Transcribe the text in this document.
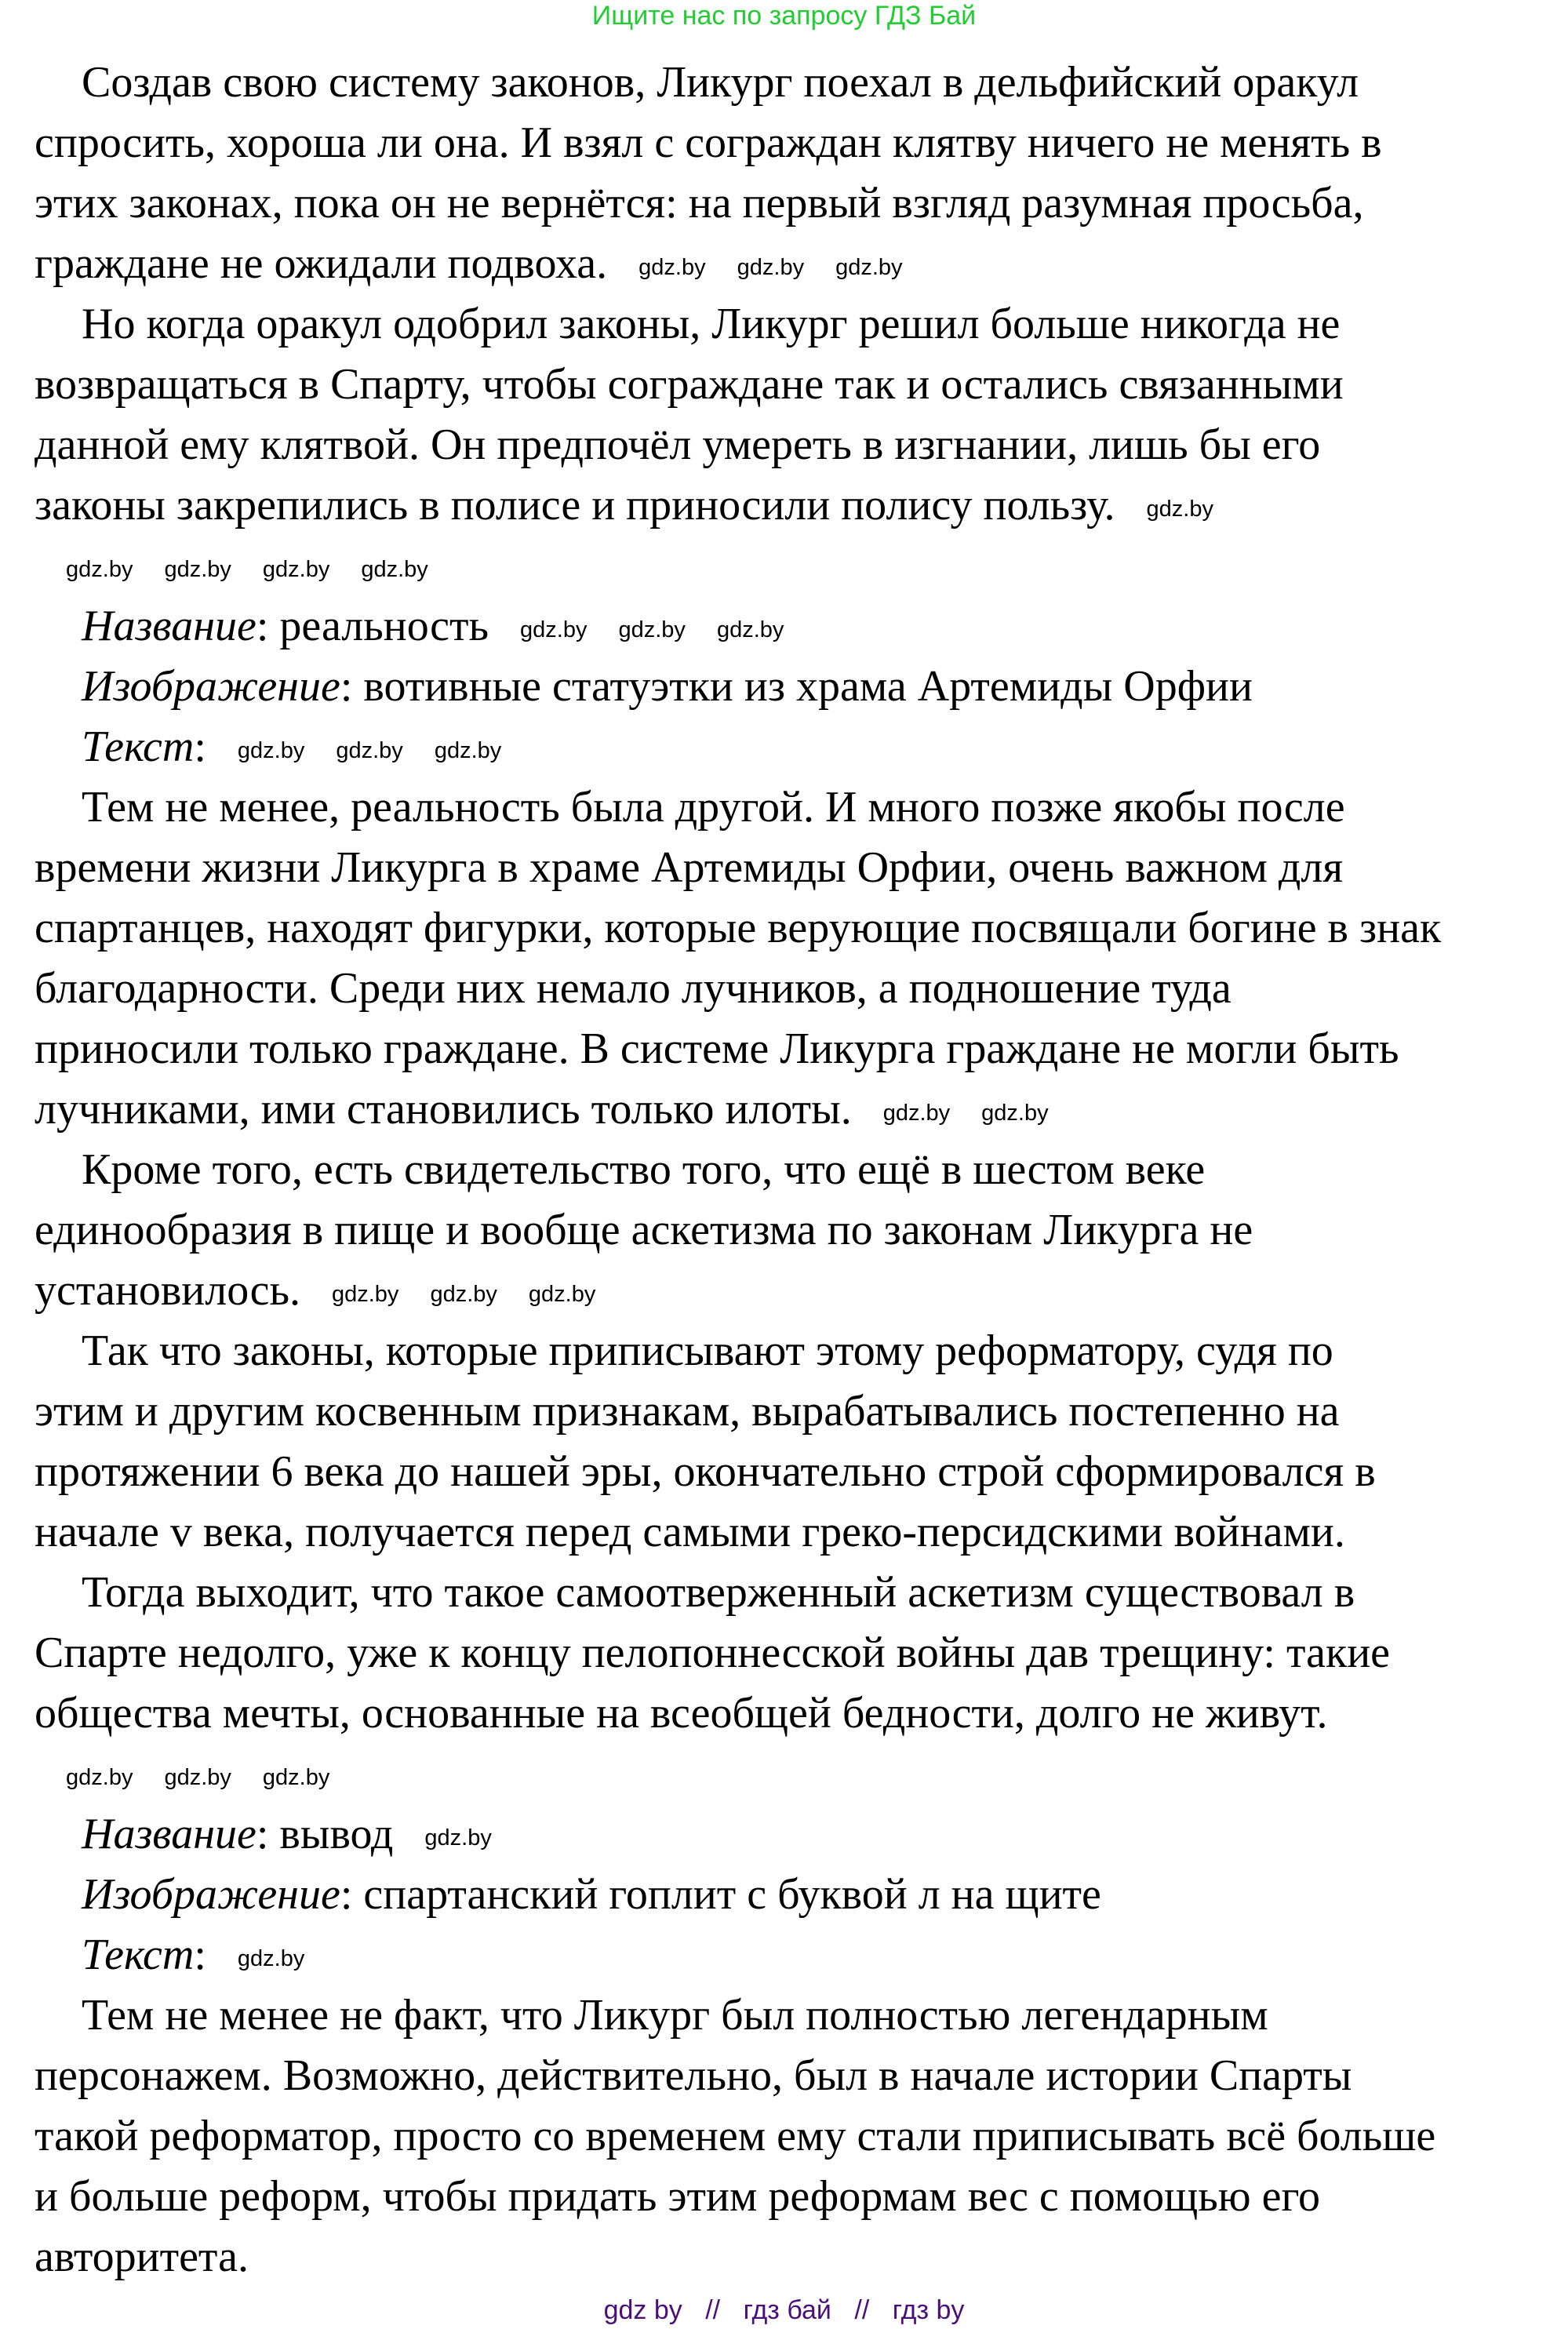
Ищите нас по запросу ГДЗ Бай
Создав свою систему законов, Ликург поехал в дельфийский оракул
спросить, хороша ли она. И взял с сограждан клятву ничего не менять в
этих законах, пока он не вернётся: на первый взгляд разумная просьба,
граждане не ожидали подвоха. gdz.by gdz.by gdz.by
Но когда оракул одобрил законы, Ликург решил больше никогда не
возвращаться в Спарту, чтобы сограждане так и остались связанными
данной ему клятвой. Он предпочёл умереть в изгнании, лишь бы его
законы закрепились в полисе и приносили полису пользу. gdz.by
gdz.by gdz.by gdz.by gdz.by
Название: реальность gdz.by gdz.by gdz.by
Изображение: вотивные статуэтки из храма Артемиды Орфии
Текст: gdz.by gdz.by gdz.by
Тем не менее, реальность была другой. И много позже якобы после
времени жизни Ликурга в храме Артемиды Орфии, очень важном для
спартанцев, находят фигурки, которые верующие посвящали богине в знак
благодарности. Среди них немало лучников, а подношение туда
приносили только граждане. В системе Ликурга граждане не могли быть
лучниками, ими становились только илоты. gdz.by gdz.by
Кроме того, есть свидетельство того, что ещё в шестом веке
единообразия в пище и вообще аскетизма по законам Ликурга не
установилось. gdz.by gdz.by gdz.by
Так что законы, которые приписывают этому реформатору, судя по
этим и другим косвенным признакам, вырабатывались постепенно на
протяжении 6 века до нашей эры, окончательно строй сформировался в
начале v века, получается перед самыми греко-персидскими войнами.
Тогда выходит, что такое самоотверженный аскетизм существовал в
Спарте недолго, уже к концу пелопоннесской войны дав трещину: такие
общества мечты, основанные на всеобщей бедности, долго не живут.
gdz.by gdz.by gdz.by
Название: вывод gdz.by
Изображение: спартанский гоплит с буквой л на щите
Текст: gdz.by
Тем не менее не факт, что Ликург был полностью легендарным
персонажем. Возможно, действительно, был в начале истории Спарты
такой реформатор, просто со временем ему стали приписывать всё больше
и больше реформ, чтобы придать этим реформам вес с помощью его
авторитета.
gdz by // гдз бай // гдз by
